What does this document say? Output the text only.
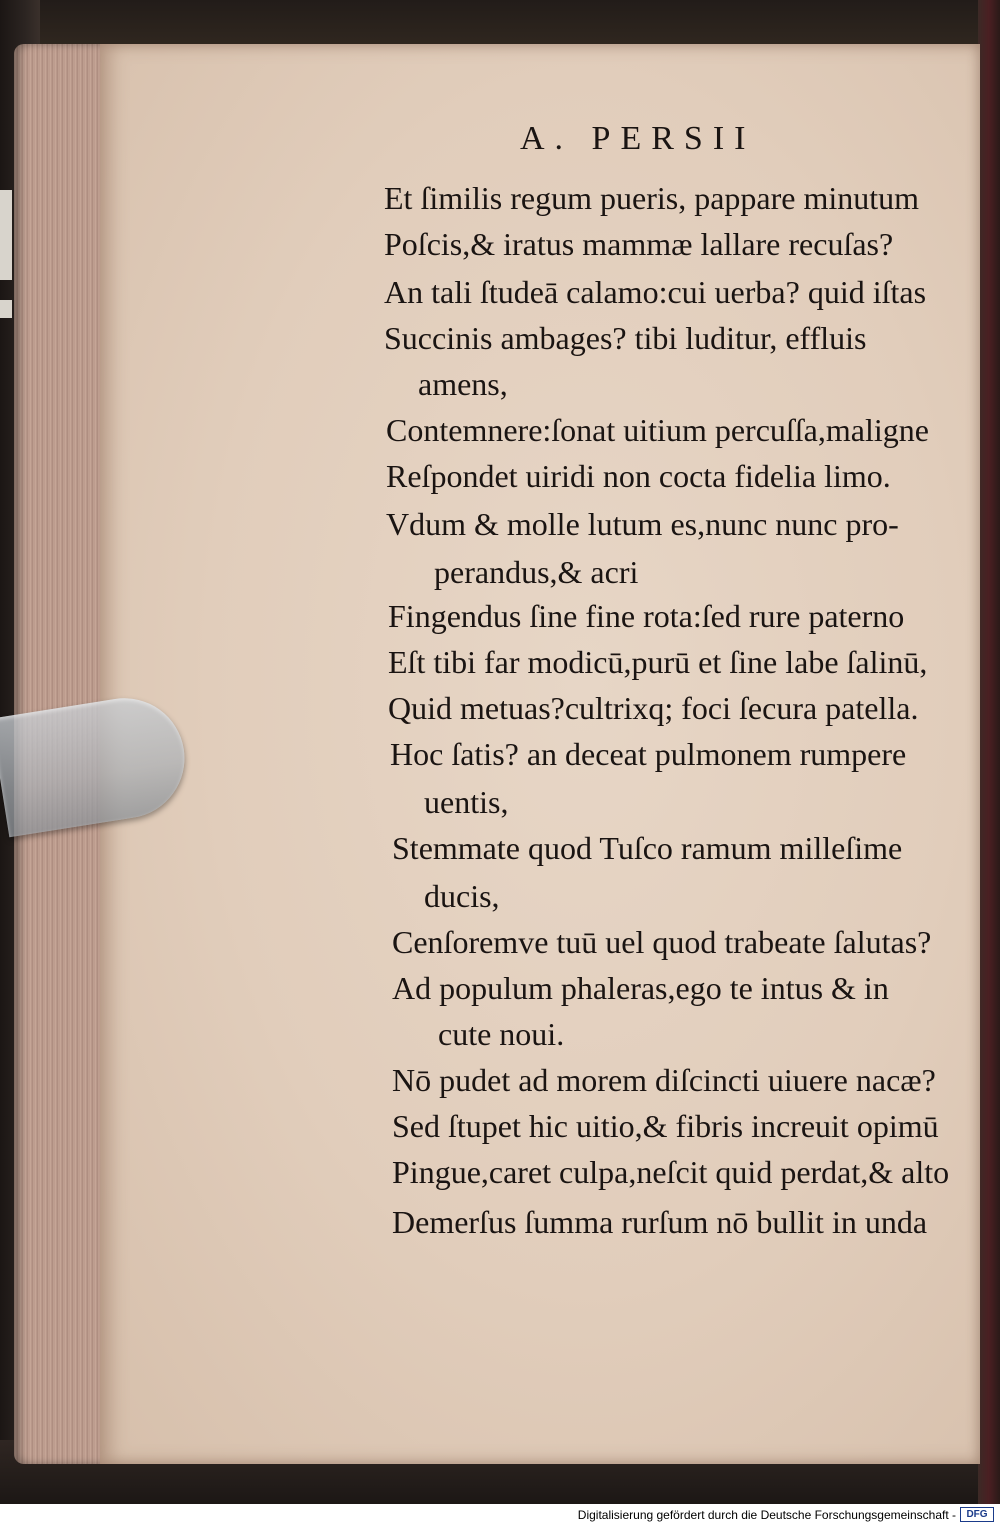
A. PERSII
Et ſimilis regum pueris, pappare minutum
Poſcis,& iratus mammæ lallare recuſas?
An tali ſtudeā calamo:cui uerba? quid iſtas
Succinis ambages? tibi luditur, effluis
amens,
Contemnere:ſonat uitium percuſſa,maligne
Reſpondet uiridi non cocta fidelia limo.
Vdum & molle lutum es,nunc nunc pro-
perandus,& acri
Fingendus ſine fine rota:ſed rure paterno
Eſt tibi far modicū,purū et ſine labe ſalinū,
Quid metuas?cultrixq; foci ſecura patella.
Hoc ſatis? an deceat pulmonem rumpere
uentis,
Stemmate quod Tuſco ramum milleſime
ducis,
Cenſoremve tuū uel quod trabeate ſalutas?
Ad populum phaleras,ego te intus & in
cute noui.
Nō pudet ad morem diſcincti uiuere nacæ?
Sed ſtupet hic uitio,& fibris increuit opimū
Pingue,caret culpa,neſcit quid perdat,& alto
Demerſus ſumma rurſum nō bullit in unda
Digitalisierung gefördert durch die Deutsche Forschungsgemeinschaft -	DFG
